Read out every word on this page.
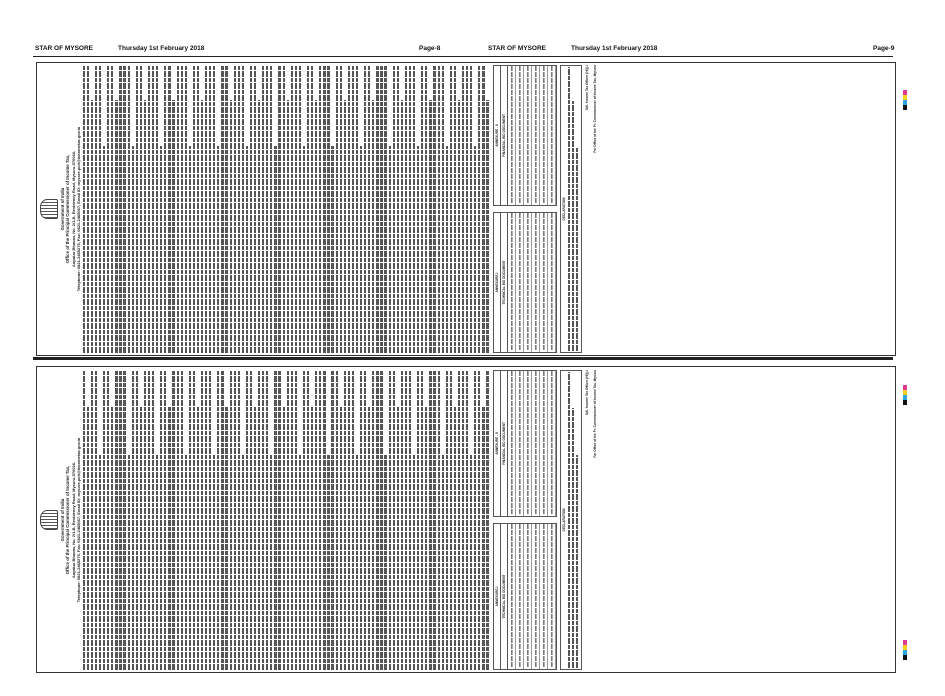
STAR OF MYSORE	Thursday 1st February 2018	Page-8	STAR OF MYSORE	Thursday 1st February 2018	Page-9
Government of India Office of the Principal Commissioner of Income Tax, Aayakar Bhavan, No. 2/1-B, Residency Road, Mysuru-570016. Telephone: 0821-2465275, Fax: 0821-2465067, Email ID: mysore.pcit@incometax.gov.in	ANNEXURE-I	TECHNICAL BID DOCUMENT
ANNEXURE - II	FINANCIAL BID DOCUMENT
DECLARATION
Sd/- Income Tax Officer (HQ)-I For Office of the Pr. Commissioner of Income Tax, Mysuru
Government of India Office of the Principal Commissioner of Income Tax, Aayakar Bhavan, No. 2/1-B, Residency Road, Mysuru-570016. Telephone: 0821-2465275, Fax: 0821-2465067, Email ID: mysore.pcit@incometax.gov.in	ANNEXURE-I	TECHNICAL BID DOCUMENT
ANNEXURE - II	FINANCIAL BID DOCUMENT
DECLARATION
Sd/- Income Tax Officer (HQ)-I For Office of the Pr. Commissioner of Income Tax, Mysuru
